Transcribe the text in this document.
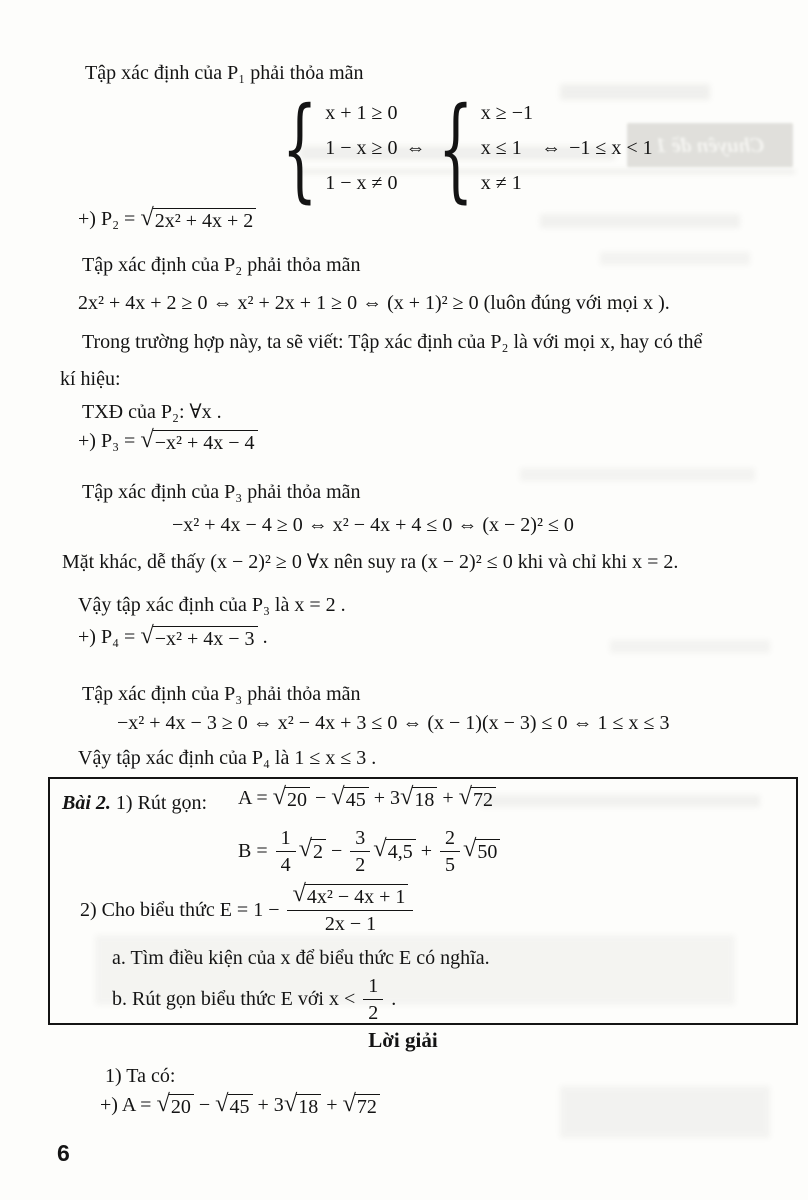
Chuyên đề 1
Tập xác định của P₁ phải thỏa mãn
{ x + 1 ≥ 0
1 − x ≥ 0
1 − x ≠ 0
⇔ { x ≥ −1
x ≤ 1
x ≠ 1
⇔ −1 ≤ x < 1
+) P₂ = √ 2x² + 4x + 2
Tập xác định của P₂ phải thỏa mãn
2x² + 4x + 2 ≥ 0 ⇔ x² + 2x + 1 ≥ 0 ⇔ (x + 1)² ≥ 0 (luôn đúng với mọi x ).
Trong trường hợp này, ta sẽ viết: Tập xác định của P₂ là với mọi x, hay có thể
kí hiệu:
TXĐ của P₂: ∀x .
+) P₃ = √ −x² + 4x − 4
Tập xác định của P₃ phải thỏa mãn
−x² + 4x − 4 ≥ 0 ⇔ x² − 4x + 4 ≤ 0 ⇔ (x − 2)² ≤ 0
Mặt khác, dễ thấy (x − 2)² ≥ 0 ∀x nên suy ra (x − 2)² ≤ 0 khi và chỉ khi x = 2.
Vậy tập xác định của P₃ là x = 2 .
+) P₄ = √ −x² + 4x − 3 .
Tập xác định của P₃ phải thỏa mãn
−x² + 4x − 3 ≥ 0 ⇔ x² − 4x + 3 ≤ 0 ⇔ (x − 1)(x − 3) ≤ 0 ⇔ 1 ≤ x ≤ 3
Vậy tập xác định của P₄ là 1 ≤ x ≤ 3 .
Bài 2. 1) Rút gọn: A = √ 20 − √ 45 + 3 √ 18 + √ 72
$B = \frac{1}{4}$ √ $2 - \frac{3}{2}$ √ $4,5 + \frac{2}{5}$ √ 50
2) Cho biểu thức $E = 1 - \frac{\text{√ 4x² − 4x + 1}}{2x - 1}$
a. Tìm điều kiện của x để biểu thức E có nghĩa.
b. Rút gọn biểu thức E với $x < \frac{1}{2}$ .
Lời giải
1) Ta có:
+) A = √ 20 − √ 45 + 3 √ 18 + √ 72
6
